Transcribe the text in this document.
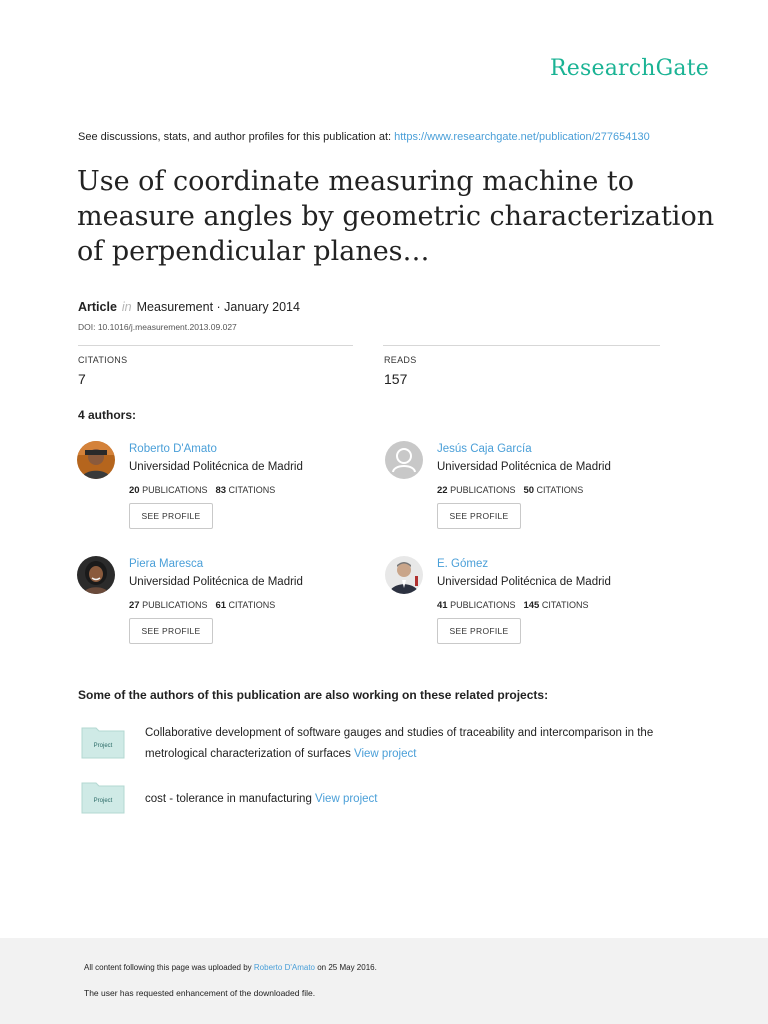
ResearchGate
See discussions, stats, and author profiles for this publication at: https://www.researchgate.net/publication/277654130
Use of coordinate measuring machine to measure angles by geometric characterization of perpendicular planes…
Article in Measurement · January 2014
DOI: 10.1016/j.measurement.2013.09.027
CITATIONS
7
READS
157
4 authors:
Roberto D'Amato
Universidad Politécnica de Madrid
20 PUBLICATIONS 83 CITATIONS
SEE PROFILE
Jesús Caja García
Universidad Politécnica de Madrid
22 PUBLICATIONS 50 CITATIONS
SEE PROFILE
Piera Maresca
Universidad Politécnica de Madrid
27 PUBLICATIONS 61 CITATIONS
SEE PROFILE
E. Gómez
Universidad Politécnica de Madrid
41 PUBLICATIONS 145 CITATIONS
SEE PROFILE
Some of the authors of this publication are also working on these related projects:
Project
Collaborative development of software gauges and studies of traceability and intercomparison in the metrological characterization of surfaces View project
Project	cost - tolerance in manufacturing View project
All content following this page was uploaded by Roberto D'Amato on 25 May 2016.
The user has requested enhancement of the downloaded file.
